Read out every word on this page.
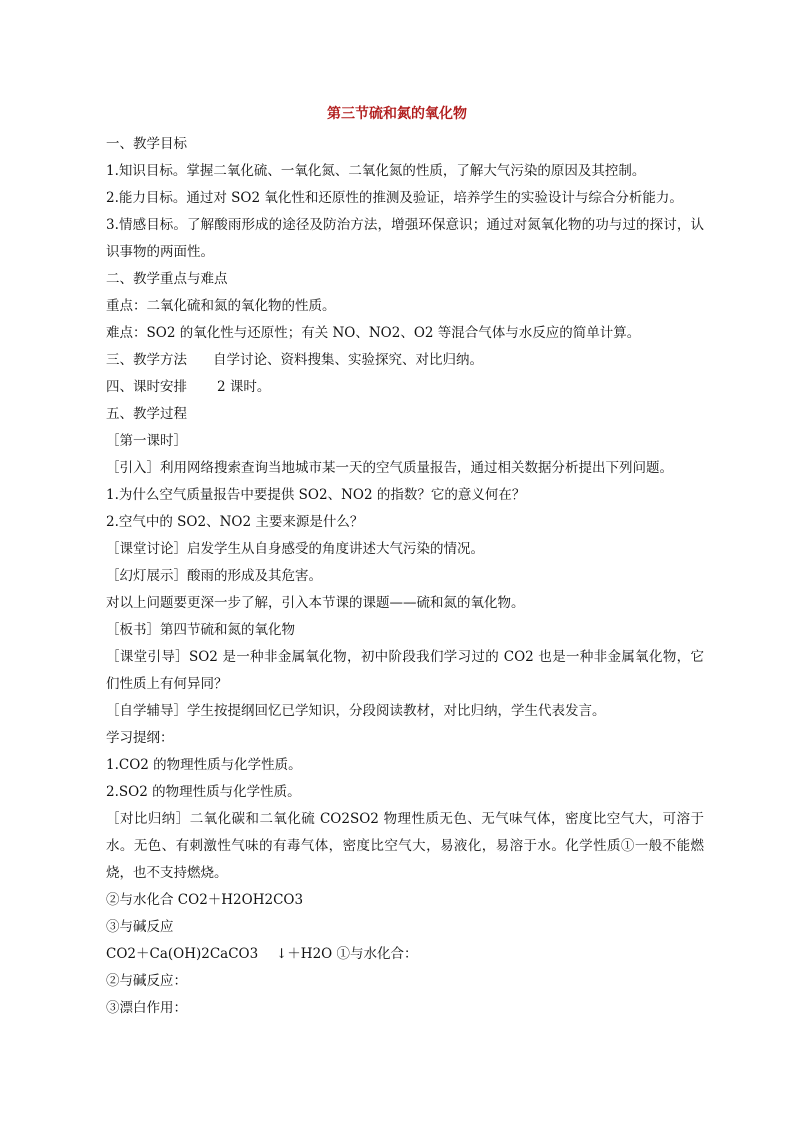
第三节硫和氮的氧化物
一、教学目标
1.知识目标。掌握二氧化硫、一氧化氮、二氧化氮的性质，了解大气污染的原因及其控制。
2.能力目标。通过对 SO2 氧化性和还原性的推测及验证，培养学生的实验设计与综合分析能力。
3.情感目标。了解酸雨形成的途径及防治方法，增强环保意识；通过对氮氧化物的功与过的探讨，认识事物的两面性。
二、教学重点与难点
重点：二氧化硫和氮的氧化物的性质。
难点：SO2 的氧化性与还原性；有关 NO、NO2、O2 等混合气体与水反应的简单计算。
三、教学方法 自学讨论、资料搜集、实验探究、对比归纳。
四、课时安排 2 课时。
五、教学过程
［第一课时］
［引入］利用网络搜索查询当地城市某一天的空气质量报告，通过相关数据分析提出下列问题。
1.为什么空气质量报告中要提供 SO2、NO2 的指数？它的意义何在？
2.空气中的 SO2、NO2 主要来源是什么？
［课堂讨论］启发学生从自身感受的角度讲述大气污染的情况。
［幻灯展示］酸雨的形成及其危害。
对以上问题要更深一步了解，引入本节课的课题——硫和氮的氧化物。
［板书］第四节硫和氮的氧化物
［课堂引导］SO2 是一种非金属氧化物，初中阶段我们学习过的 CO2 也是一种非金属氧化物，它们性质上有何异同？
［自学辅导］学生按提纲回忆已学知识，分段阅读教材，对比归纳，学生代表发言。
学习提纲：
1.CO2 的物理性质与化学性质。
2.SO2 的物理性质与化学性质。
［对比归纳］二氧化碳和二氧化硫 CO2SO2 物理性质无色、无气味气体，密度比空气大，可溶于水。无色、有刺激性气味的有毒气体，密度比空气大，易液化，易溶于水。化学性质①一般不能燃烧，也不支持燃烧。
②与水化合 CO2＋H2OH2CO3
③与碱反应
CO2＋Ca(OH)2CaCO3 　↓＋H2O ①与水化合：
②与碱反应：
③漂白作用：
